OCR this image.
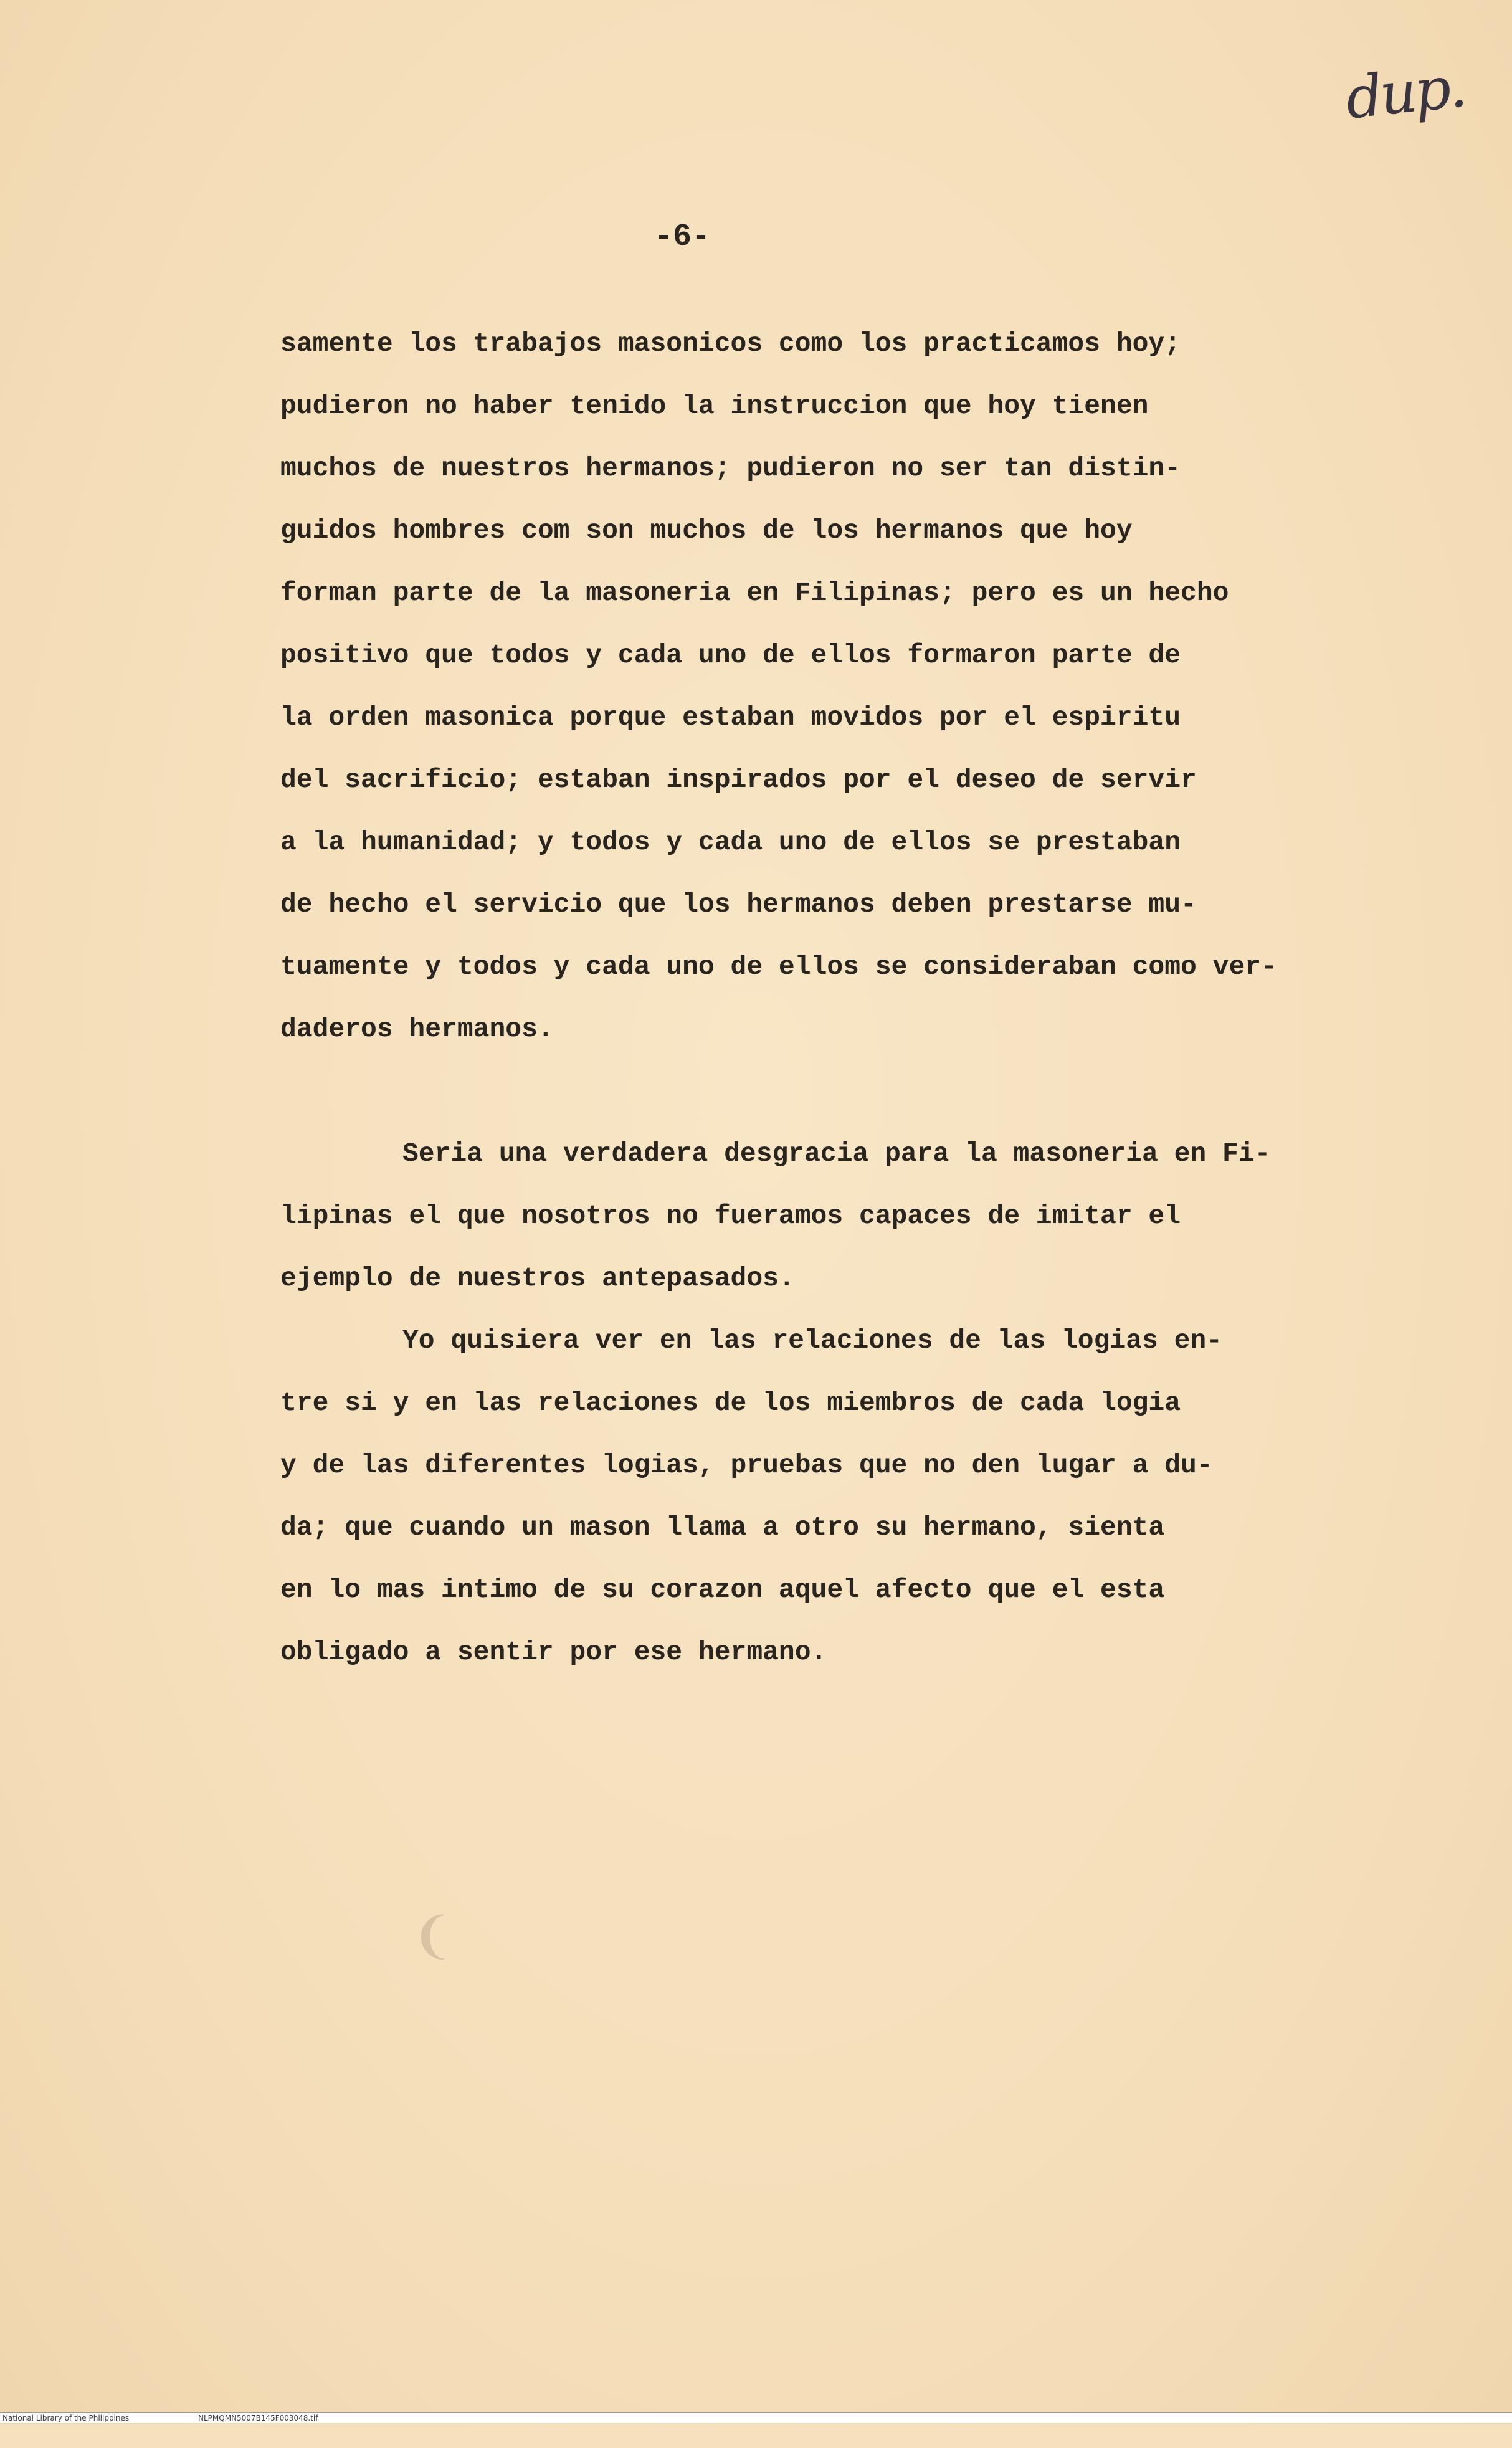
dup.
-6-
samente los trabajos masonicos como los practicamos hoy;
pudieron no haber tenido la instruccion que hoy tienen
muchos de nuestros hermanos; pudieron no ser tan distin-
guidos hombres com son muchos de los hermanos que hoy
forman parte de la masoneria en Filipinas; pero es un hecho
positivo que todos y cada uno de ellos formaron parte de
la orden masonica porque estaban movidos por el espiritu
del sacrificio; estaban inspirados por el deseo de servir
a la humanidad; y todos y cada uno de ellos se prestaban
de hecho el servicio que los hermanos deben prestarse mu-
tuamente y todos y cada uno de ellos se consideraban como ver-
daderos hermanos.
Seria una verdadera desgracia para la masoneria en Fi-
lipinas el que nosotros no fueramos capaces de imitar el
ejemplo de nuestros antepasados.
Yo quisiera ver en las relaciones de las logias en-
tre si y en las relaciones de los miembros de cada logia
y de las diferentes logias, pruebas que no den lugar a du-
da; que cuando un mason llama a otro su hermano, sienta
en lo mas intimo de su corazon aquel afecto que el esta
obligado a sentir por ese hermano.
❨

National Library of the Philippines

	NLPMQMN5007B145F003048.tif
